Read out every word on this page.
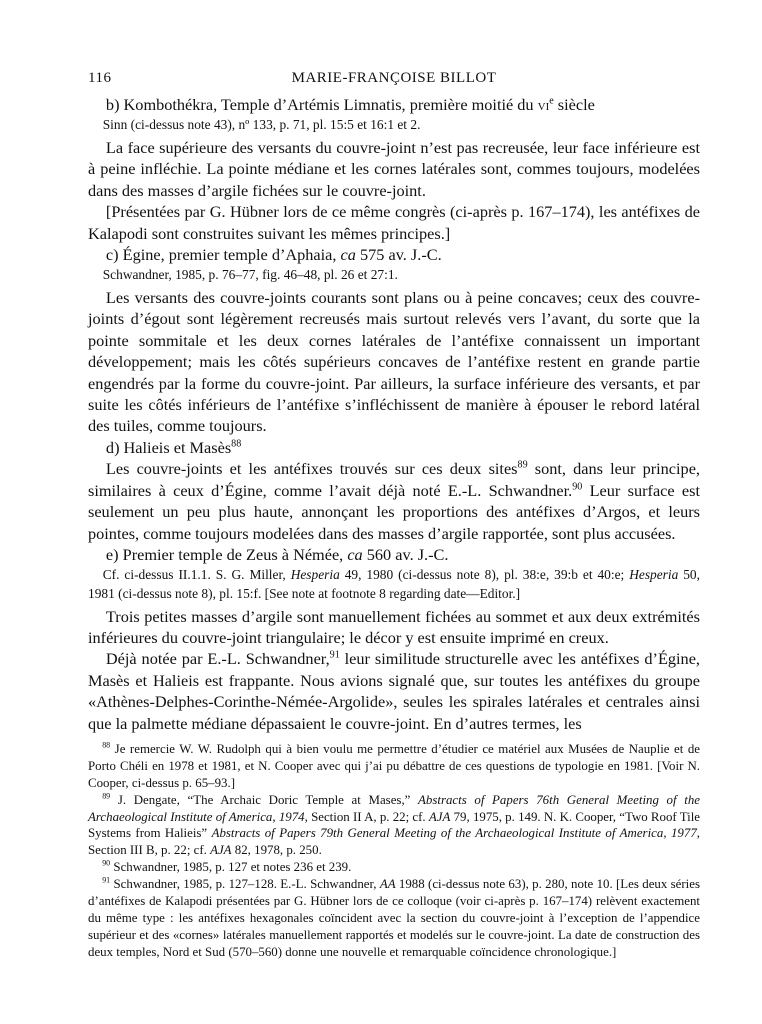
116	MARIE-FRANÇOISE BILLOT

b) Kombothékra, Temple d’Artémis Limnatis, première moitié du $vi^e$ siècle

Sinn (ci-dessus note 43), nº 133, p. 71, pl. 15:5 et 16:1 et 2.

La face supérieure des versants du couvre-joint n’est pas recreusée, leur face inférieure est à peine infléchie. La pointe médiane et les cornes latérales sont, commes toujours, modelées dans des masses d’argile fichées sur le couvre-joint.

[Présentées par G. Hübner lors de ce même congrès (ci-après p. 167–174), les antéfixes de Kalapodi sont construites suivant les mêmes principes.]

c) Égine, premier temple d’Aphaia, ca 575 av. J.-C.

Schwandner, 1985, p. 76–77, fig. 46–48, pl. 26 et 27:1.

Les versants des couvre-joints courants sont plans ou à peine concaves; ceux des couvre-joints d’égout sont légèrement recreusés mais surtout relevés vers l’avant, du sorte que la pointe sommitale et les deux cornes latérales de l’antéfixe connaissent un important développement; mais les côtés supérieurs concaves de l’antéfixe restent en grande partie engendrés par la forme du couvre-joint. Par ailleurs, la surface inférieure des versants, et par suite les côtés inférieurs de l’antéfixe s’infléchissent de manière à épouser le rebord latéral des tuiles, comme toujours.

d) Halieis et Masès$^{88}$

Les couvre-joints et les antéfixes trouvés sur ces deux sites$^{89}$ sont, dans leur principe, similaires à ceux d’Égine, comme l’avait déjà noté E.-L. Schwandner.$^{90}$ Leur surface est seulement un peu plus haute, annonçant les proportions des antéfixes d’Argos, et leurs pointes, comme toujours modelées dans des masses d’argile rapportée, sont plus accusées.

e) Premier temple de Zeus à Némée, ca 560 av. J.-C.

Cf. ci-dessus II.1.1. S. G. Miller, Hesperia 49, 1980 (ci-dessus note 8), pl. 38:e, 39:b et 40:e; Hesperia 50, 1981 (ci-dessus note 8), pl. 15:f. [See note at footnote 8 regarding date—Editor.]

Trois petites masses d’argile sont manuellement fichées au sommet et aux deux extrémités inférieures du couvre-joint triangulaire; le décor y est ensuite imprimé en creux.

Déjà notée par E.-L. Schwandner,$^{91}$ leur similitude structurelle avec les antéfixes d’Égine, Masès et Halieis est frappante. Nous avions signalé que, sur toutes les antéfixes du groupe «Athènes-Delphes-Corinthe-Némée-Argolide», seules les spirales latérales et centrales ainsi que la palmette médiane dépassaient le couvre-joint. En d’autres termes, les

$^{88}$ Je remercie W. W. Rudolph qui à bien voulu me permettre d’étudier ce matériel aux Musées de Nauplie et de Porto Chéli en 1978 et 1981, et N. Cooper avec qui j’ai pu débattre de ces questions de typologie en 1981. [Voir N. Cooper, ci-dessus p. 65–93.]

$^{89}$ J. Dengate, “The Archaic Doric Temple at Mases,” Abstracts of Papers 76th General Meeting of the Archaeological Institute of America, 1974, Section II A, p. 22; cf. AJA 79, 1975, p. 149. N. K. Cooper, “Two Roof Tile Systems from Halieis” Abstracts of Papers 79th General Meeting of the Archaeological Institute of America, 1977, Section III B, p. 22; cf. AJA 82, 1978, p. 250.

$^{90}$ Schwandner, 1985, p. 127 et notes 236 et 239.

$^{91}$ Schwandner, 1985, p. 127–128. E.-L. Schwandner, AA 1988 (ci-dessus note 63), p. 280, note 10. [Les deux séries d’antéfixes de Kalapodi présentées par G. Hübner lors de ce colloque (voir ci-après p. 167–174) relèvent exactement du même type : les antéfixes hexagonales coïncident avec la section du couvre-joint à l’exception de l’appendice supérieur et des «cornes» latérales manuellement rapportés et modelés sur le couvre-joint. La date de construction des deux temples, Nord et Sud (570–560) donne une nouvelle et remarquable coïncidence chronologique.]
